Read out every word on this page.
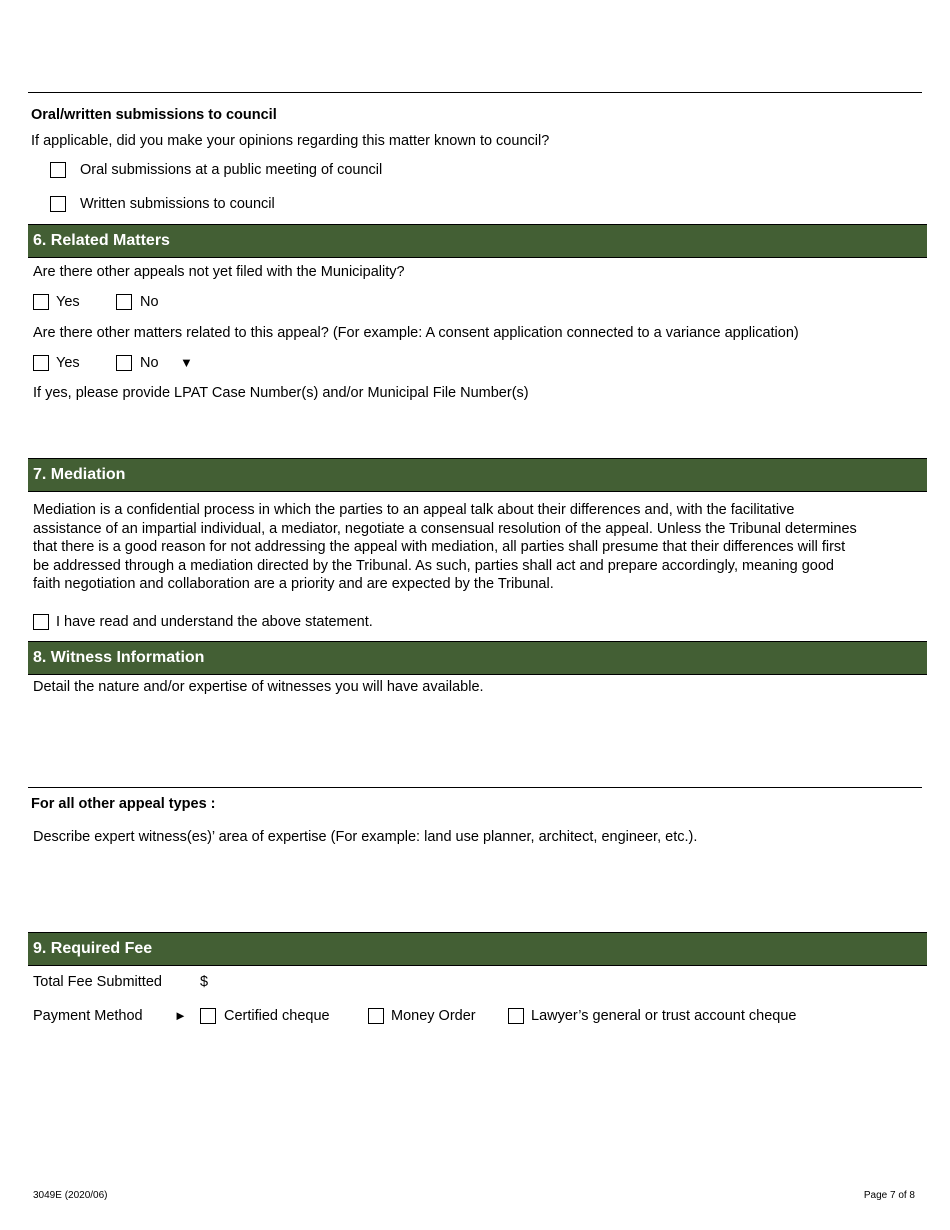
Oral/written submissions to council
If applicable, did you make your opinions regarding this matter known to council?
Oral submissions at a public meeting of council
Written submissions to council
6. Related Matters
Are there other appeals not yet filed with the Municipality?
Yes	No
Are there other matters related to this appeal? (For example: A consent application connected to a variance application)
Yes	No ▼
If yes, please provide LPAT Case Number(s) and/or Municipal File Number(s)
7. Mediation
Mediation is a confidential process in which the parties to an appeal talk about their differences and, with the facilitative
assistance of an impartial individual, a mediator, negotiate a consensual resolution of the appeal. Unless the Tribunal determines
that there is a good reason for not addressing the appeal with mediation, all parties shall presume that their differences will first
be addressed through a mediation directed by the Tribunal. As such, parties shall act and prepare accordingly, meaning good
faith negotiation and collaboration are a priority and are expected by the Tribunal.
I have read and understand the above statement.
8. Witness Information
Detail the nature and/or expertise of witnesses you will have available.
For all other appeal types :
Describe expert witness(es)’ area of expertise (For example: land use planner, architect, engineer, etc.).
9. Required Fee
Total Fee Submitted	$
Payment Method ►	Certified cheque	Money Order	Lawyer’s general or trust account cheque
3049E (2020/06)	Page 7 of 8
